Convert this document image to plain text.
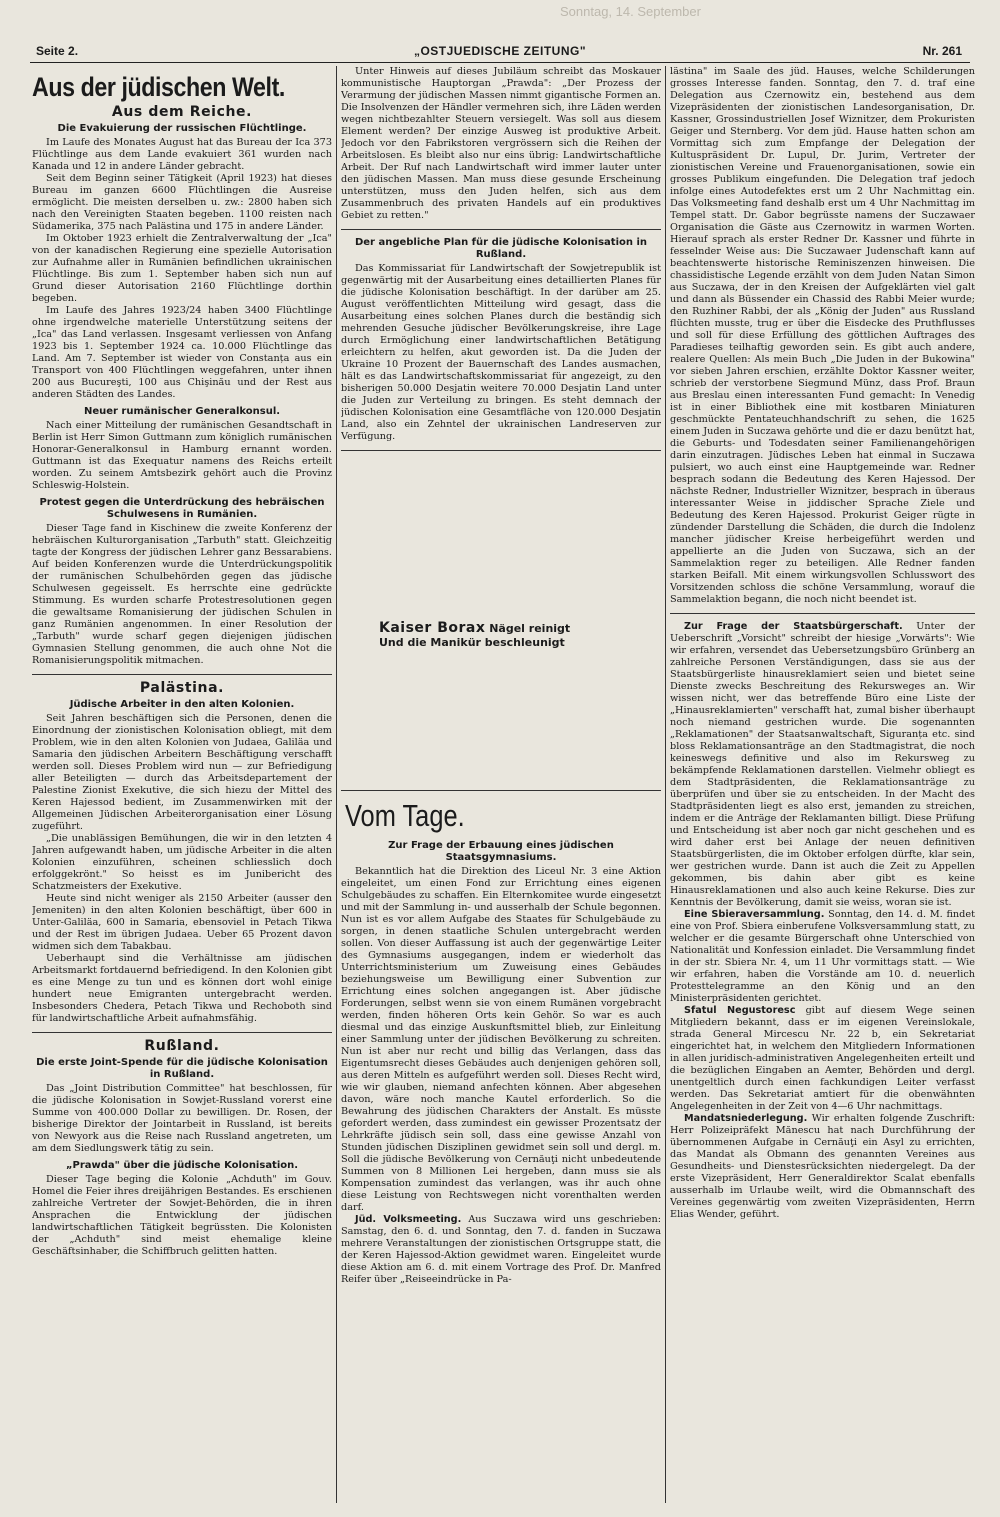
Sonntag, 14. September
Seite 2.	„OSTJUEDISCHE ZEITUNG"	Nr. 261
Aus der jüdischen Welt.
Aus dem Reiche.
Die Evakuierung der russischen Flüchtlinge.

Im Laufe des Monates August hat das Bureau der Ica 373 Flüchtlinge aus dem Lande evakuiert 361 wurden nach Kanada und 12 in andere Länder gebracht.

Seit dem Beginn seiner Tätigkeit (April 1923) hat dieses Bureau im ganzen 6600 Flüchtlingen die Ausreise ermöglicht. Die meisten derselben u. zw.: 2800 haben sich nach den Vereinigten Staaten begeben. 1100 reisten nach Südamerika, 375 nach Palästina und 175 in andere Länder.

Im Oktober 1923 erhielt die Zentralverwaltung der „Ica" von der kanadischen Regierung eine spezielle Autorisation zur Aufnahme aller in Rumänien befindlichen ukrainischen Flüchtlinge. Bis zum 1. September haben sich nun auf Grund dieser Autorisation 2160 Flüchtlinge dorthin begeben.

Im Laufe des Jahres 1923/24 haben 3400 Flüchtlinge ohne irgendwelche materielle Unterstützung seitens der „Ica" das Land verlassen. Insgesamt verliessen von Anfang 1923 bis 1. September 1924 ca. 10.000 Flüchtlinge das Land. Am 7. September ist wieder von Constanța aus ein Transport von 400 Flüchtlingen weggefahren, unter ihnen 200 aus Bucureşti, 100 aus Chişinău und der Rest aus anderen Städten des Landes.

Neuer rumänischer Generalkonsul.

Nach einer Mitteilung der rumänischen Gesandtschaft in Berlin ist Herr Simon Guttmann zum königlich rumänischen Honorar-Generalkonsul in Hamburg ernannt worden. Guttmann ist das Exequatur namens des Reichs erteilt worden. Zu seinem Amtsbezirk gehört auch die Provinz Schleswig-Holstein.

Protest gegen die Unterdrückung des hebräischen Schulwesens in Rumänien.

Dieser Tage fand in Kischinew die zweite Konferenz der hebräischen Kulturorganisation „Tarbuth" statt. Gleichzeitig tagte der Kongress der jüdischen Lehrer ganz Bessarabiens. Auf beiden Konferenzen wurde die Unterdrückungspolitik der rumänischen Schulbehörden gegen das jüdische Schulwesen gegeisselt. Es herrschte eine gedrückte Stimmung. Es wurden scharfe Protestresolutionen gegen die gewaltsame Romanisierung der jüdischen Schulen in ganz Rumänien angenommen. In einer Resolution der „Tarbuth" wurde scharf gegen diejenigen jüdischen Gymnasien Stellung genommen, die auch ohne Not die Romanisierungspolitik mitmachen.

Palästina.
Jüdische Arbeiter in den alten Kolonien.

Seit Jahren beschäftigen sich die Personen, denen die Einordnung der zionistischen Kolonisation obliegt, mit dem Problem, wie in den alten Kolonien von Judaea, Galiläa und Samaria den jüdischen Arbeitern Beschäftigung verschafft werden soll. Dieses Problem wird nun — zur Befriedigung aller Beteiligten — durch das Arbeitsdepartement der Palestine Zionist Exekutive, die sich hiezu der Mittel des Keren Hajessod bedient, im Zusammenwirken mit der Allgemeinen Jüdischen Arbeiterorganisation einer Lösung zugeführt.

„Die unablässigen Bemühungen, die wir in den letzten 4 Jahren aufgewandt haben, um jüdische Arbeiter in die alten Kolonien einzuführen, scheinen schliesslich doch erfolggekrönt." So heisst es im Junibericht des Schatzmeisters der Exekutive.

Heute sind nicht weniger als 2150 Arbeiter (ausser den Jemeniten) in den alten Kolonien beschäftigt, über 600 in Unter-Galiläa, 600 in Samaria, ebensoviel in Petach Tikwa und der Rest im übrigen Judaea. Ueber 65 Prozent davon widmen sich dem Tabakbau.

Ueberhaupt sind die Verhältnisse am jüdischen Arbeitsmarkt fortdauernd befriedigend. In den Kolonien gibt es eine Menge zu tun und es können dort wohl einige hundert neue Emigranten untergebracht werden. Insbesonders Chedera, Petach Tikwa und Rechoboth sind für landwirtschaftliche Arbeit aufnahmsfähig.

Rußland.
Die erste Joint-Spende für die jüdische Kolonisation in Rußland.

Das „Joint Distribution Committee" hat beschlossen, für die jüdische Kolonisation in Sowjet-Russland vorerst eine Summe von 400.000 Dollar zu bewilligen. Dr. Rosen, der bisherige Direktor der Jointarbeit in Russland, ist bereits von Newyork aus die Reise nach Russland angetreten, um am dem Siedlungswerk tätig zu sein.

„Prawda" über die jüdische Kolonisation.

Dieser Tage beging die Kolonie „Achduth" im Gouv. Homel die Feier ihres dreijährigen Bestandes. Es erschienen zahlreiche Vertreter der Sowjet-Behörden, die in ihren Ansprachen die Entwicklung der jüdischen landwirtschaftlichen Tätigkeit begrüssten. Die Kolonisten der „Achduth" sind meist ehemalige kleine Geschäftsinhaber, die Schiffbruch gelitten hatten.

Unter Hinweis auf dieses Jubiläum schreibt das Moskauer kommunistische Hauptorgan „Prawda": „Der Prozess der Verarmung der jüdischen Massen nimmt gigantische Formen an. Die Insolvenzen der Händler vermehren sich, ihre Läden werden wegen nichtbezahlter Steuern versiegelt. Was soll aus diesem Element werden? Der einzige Ausweg ist produktive Arbeit. Jedoch vor den Fabrikstoren vergrössern sich die Reihen der Arbeitslosen. Es bleibt also nur eins übrig: Landwirtschaftliche Arbeit. Der Ruf nach Landwirtschaft wird immer lauter unter den jüdischen Massen. Man muss diese gesunde Erscheinung unterstützen, muss den Juden helfen, sich aus dem Zusammenbruch des privaten Handels auf ein produktives Gebiet zu retten."

Der angebliche Plan für die jüdische Kolonisation in Rußland.

Das Kommissariat für Landwirtschaft der Sowjetrepublik ist gegenwärtig mit der Ausarbeitung eines detaillierten Planes für die jüdische Kolonisation beschäftigt. In der darüber am 25. August veröffentlichten Mitteilung wird gesagt, dass die Ausarbeitung eines solchen Planes durch die beständig sich mehrenden Gesuche jüdischer Bevölkerungskreise, ihre Lage durch Ermöglichung einer landwirtschaftlichen Betätigung erleichtern zu helfen, akut geworden ist. Da die Juden der Ukraine 10 Prozent der Bauernschaft des Landes ausmachen, hält es das Landwirtschaftskommissariat für angezeigt, zu den bisherigen 50.000 Desjatin weitere 70.000 Desjatin Land unter die Juden zur Verteilung zu bringen. Es steht demnach der jüdischen Kolonisation eine Gesamtfläche von 120.000 Desjatin Land, also ein Zehntel der ukrainischen Landreserven zur Verfügung.

Kaiser Borax Nägel reinigt
Und die Manikür beschleunigt
Vom Tage.
Zur Frage der Erbauung eines jüdischen Staatsgymnasiums.

Bekanntlich hat die Direktion des Liceul Nr. 3 eine Aktion eingeleitet, um einen Fond zur Errichtung eines eigenen Schulgebäudes zu schaffen. Ein Elternkomitee wurde eingesetzt und mit der Sammlung in- und ausserhalb der Schule begonnen. Nun ist es vor allem Aufgabe des Staates für Schulgebäude zu sorgen, in denen staatliche Schulen untergebracht werden sollen. Von dieser Auffassung ist auch der gegenwärtige Leiter des Gymnasiums ausgegangen, indem er wiederholt das Unterrichtsministerium um Zuweisung eines Gebäudes beziehungsweise um Bewilligung einer Subvention zur Errichtung eines solchen angegangen ist. Aber jüdische Forderungen, selbst wenn sie von einem Rumänen vorgebracht werden, finden höheren Orts kein Gehör. So war es auch diesmal und das einzige Auskunftsmittel blieb, zur Einleitung einer Sammlung unter der jüdischen Bevölkerung zu schreiten. Nun ist aber nur recht und billig das Verlangen, dass das Eigentumsrecht dieses Gebäudes auch denjenigen gehören soll, aus deren Mitteln es aufgeführt werden soll. Dieses Recht wird, wie wir glauben, niemand anfechten können. Aber abgesehen davon, wäre noch manche Kautel erforderlich. So die Bewahrung des jüdischen Charakters der Anstalt. Es müsste gefordert werden, dass zumindest ein gewisser Prozentsatz der Lehrkräfte jüdisch sein soll, dass eine gewisse Anzahl von Stunden jüdischen Disziplinen gewidmet sein soll und dergl. m. Soll die jüdische Bevölkerung von Cernăuţi nicht unbedeutende Summen von 8 Millionen Lei hergeben, dann muss sie als Kompensation zumindest das verlangen, was ihr auch ohne diese Leistung von Rechtswegen nicht vorenthalten werden darf.

Jüd. Volksmeeting. Aus Suczawa wird uns geschrieben: Samstag, den 6. d. und Sonntag, den 7. d. fanden in Suczawa mehrere Veranstaltungen der zionistischen Ortsgruppe statt, die der Keren Hajessod-Aktion gewidmet waren. Eingeleitet wurde diese Aktion am 6. d. mit einem Vortrage des Prof. Dr. Manfred Reifer über „Reiseeindrücke in Pa-

lästina" im Saale des jüd. Hauses, welche Schilderungen grosses Interesse fanden. Sonntag, den 7. d. traf eine Delegation aus Czernowitz ein, bestehend aus dem Vizepräsidenten der zionistischen Landesorganisation, Dr. Kassner, Grossindustriellen Josef Wiznitzer, dem Prokuristen Geiger und Sternberg. Vor dem jüd. Hause hatten schon am Vormittag sich zum Empfange der Delegation der Kultuspräsident Dr. Lupul, Dr. Jurim, Vertreter der zionistischen Vereine und Frauenorganisationen, sowie ein grosses Publikum eingefunden. Die Delegation traf jedoch infolge eines Autodefektes erst um 2 Uhr Nachmittag ein. Das Volksmeeting fand deshalb erst um 4 Uhr Nachmittag im Tempel statt. Dr. Gabor begrüsste namens der Suczawaer Organisation die Gäste aus Czernowitz in warmen Worten. Hierauf sprach als erster Redner Dr. Kassner und führte in fesselnder Weise aus: Die Suczawaer Judenschaft kann auf beachtenswerte historische Reminiszenzen hinweisen. Die chassidistische Legende erzählt von dem Juden Natan Simon aus Suczawa, der in den Kreisen der Aufgeklärten viel galt und dann als Büssender ein Chassid des Rabbi Meier wurde; den Ruzhiner Rabbi, der als „König der Juden" aus Russland flüchten musste, trug er über die Eisdecke des Pruthflusses und soll für diese Erfüllung des göttlichen Auftrages des Paradieses teilhaftig geworden sein. Es gibt auch andere, realere Quellen: Als mein Buch „Die Juden in der Bukowina" vor sieben Jahren erschien, erzählte Doktor Kassner weiter, schrieb der verstorbene Siegmund Münz, dass Prof. Braun aus Breslau einen interessanten Fund gemacht: In Venedig ist in einer Bibliothek eine mit kostbaren Miniaturen geschmückte Pentateuchhandschrift zu sehen, die 1625 einem Juden in Suczawa gehörte und die er dazu benützt hat, die Geburts- und Todesdaten seiner Familienangehörigen darin einzutragen. Jüdisches Leben hat einmal in Suczawa pulsiert, wo auch einst eine Hauptgemeinde war. Redner besprach sodann die Bedeutung des Keren Hajessod. Der nächste Redner, Industrieller Wiznitzer, besprach in überaus interessanter Weise in jiddischer Sprache Ziele und Bedeutung des Keren Hajessod. Prokurist Geiger rügte in zündender Darstellung die Schäden, die durch die Indolenz mancher jüdischer Kreise herbeigeführt werden und appellierte an die Juden von Suczawa, sich an der Sammelaktion reger zu beteiligen. Alle Redner fanden starken Beifall. Mit einem wirkungsvollen Schlusswort des Vorsitzenden schloss die schöne Versammlung, worauf die Sammelaktion begann, die noch nicht beendet ist.

Zur Frage der Staatsbürgerschaft. Unter der Ueberschrift „Vorsicht" schreibt der hiesige „Vorwärts": Wie wir erfahren, versendet das Uebersetzungsbüro Grünberg an zahlreiche Personen Verständigungen, dass sie aus der Staatsbürgerliste hinausreklamiert seien und bietet seine Dienste zwecks Beschreitung des Rekursweges an. Wir wissen nicht, wer das betreffende Büro eine Liste der „Hinausreklamierten" verschafft hat, zumal bisher überhaupt noch niemand gestrichen wurde. Die sogenannten „Reklamationen" der Staatsanwaltschaft, Siguranța etc. sind bloss Reklamationsanträge an den Stadtmagistrat, die noch keineswegs definitive und also im Rekursweg zu bekämpfende Reklamationen darstellen. Vielmehr obliegt es dem Stadtpräsidenten, die Reklamationsanträge zu überprüfen und über sie zu entscheiden. In der Macht des Stadtpräsidenten liegt es also erst, jemanden zu streichen, indem er die Anträge der Reklamanten billigt. Diese Prüfung und Entscheidung ist aber noch gar nicht geschehen und es wird daher erst bei Anlage der neuen definitiven Staatsbürgerlisten, die im Oktober erfolgen dürfte, klar sein, wer gestrichen wurde. Dann ist auch die Zeit zu Appellen gekommen, bis dahin aber gibt es keine Hinausreklamationen und also auch keine Rekurse. Dies zur Kenntnis der Bevölkerung, damit sie weiss, woran sie ist.

Eine Sbieraversammlung. Sonntag, den 14. d. M. findet eine von Prof. Sbiera einberufene Volksversammlung statt, zu welcher er die gesamte Bürgerschaft ohne Unterschied von Nationalität und Konfession einladet. Die Versammlung findet in der str. Sbiera Nr. 4, um 11 Uhr vormittags statt. — Wie wir erfahren, haben die Vorstände am 10. d. neuerlich Protesttelegramme an den König und an den Ministerpräsidenten gerichtet.

Sfatul Negustoresc gibt auf diesem Wege seinen Mitgliedern bekannt, dass er im eigenen Vereinslokale, strada General Mircescu Nr. 22 b, ein Sekretariat eingerichtet hat, in welchem den Mitgliedern Informationen in allen juridisch-administrativen Angelegenheiten erteilt und die bezüglichen Eingaben an Aemter, Behörden und dergl. unentgeltlich durch einen fachkundigen Leiter verfasst werden. Das Sekretariat amtiert für die obenwähnten Angelegenheiten in der Zeit von 4—6 Uhr nachmittags.

Mandatsniederlegung. Wir erhalten folgende Zuschrift: Herr Polizeipräfekt Mănescu hat nach Durchführung der übernommenen Aufgabe in Cernăuţi ein Asyl zu errichten, das Mandat als Obmann des genannten Vereines aus Gesundheits- und Dienstesrücksichten niedergelegt. Da der erste Vizepräsident, Herr Generaldirektor Scalat ebenfalls ausserhalb im Urlaube weilt, wird die Obmannschaft des Vereines gegenwärtig vom zweiten Vizepräsidenten, Herrn Elias Wender, geführt.
